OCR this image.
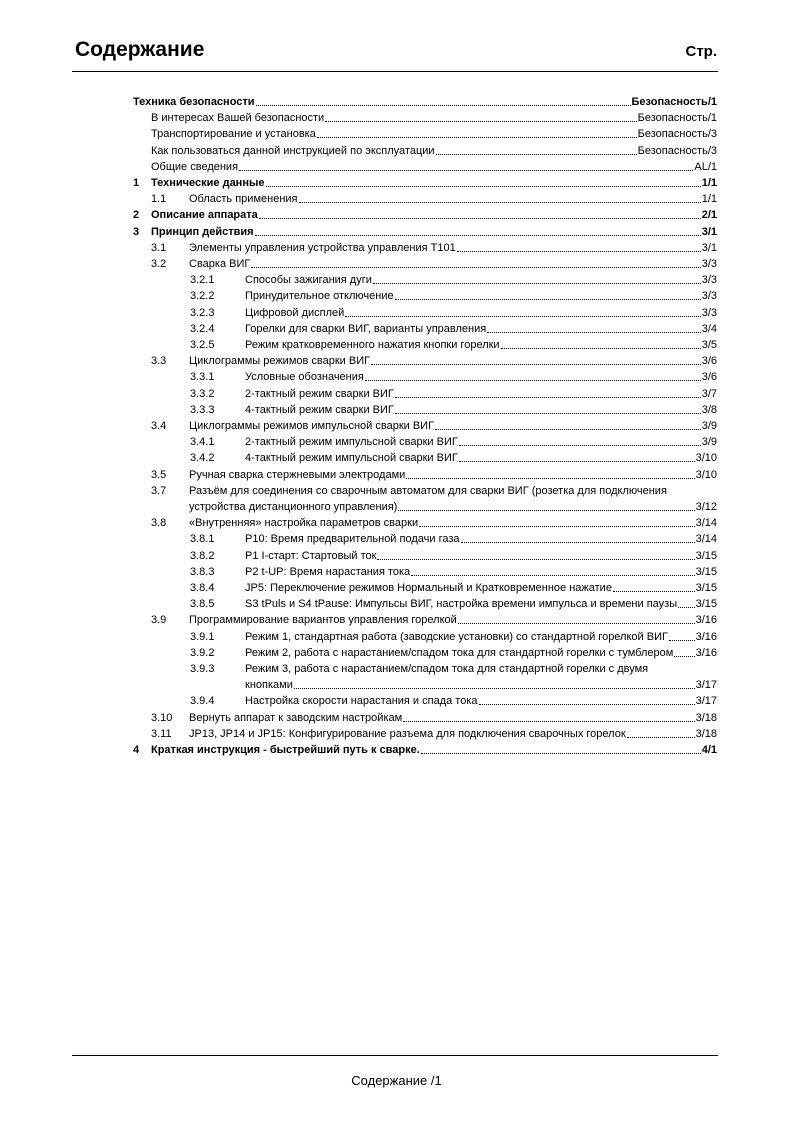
Содержание	Стр.
Техника безопасности	Безопасность/1
В интересах Вашей безопасности	Безопасность/1
Транспортирование и установка	Безопасность/3
Как пользоваться данной инструкцией по эксплуатации	Безопасность/3
Общие сведения	AL/1
1 Технические данные	1/1
1.1 Область применения	1/1
2 Описание аппарата	2/1
3 Принцип действия	3/1
3.1 Элементы управления устройства управления T101	3/1
3.2 Сварка ВИГ	3/3
3.2.1	Способы зажигания дуги	3/3
3.2.2	Принудительное отключение	3/3
3.2.3	Цифровой дисплей	3/3
3.2.4	Горелки для сварки ВИГ, варианты управления	3/4
3.2.5	Режим кратковременного нажатия кнопки горелки	3/5
3.3 Циклограммы режимов сварки ВИГ	3/6
3.3.1	Условные обозначения	3/6
3.3.2	2-тактный режим сварки ВИГ	3/7
3.3.3	4-тактный режим сварки ВИГ	3/8
3.4 Циклограммы режимов импульсной сварки ВИГ	3/9
3.4.1	2-тактный режим импульсной сварки ВИГ	3/9
3.4.2	4-тактный режим импульсной сварки ВИГ	3/10
3.5 Ручная сварка стержневыми электродами	3/10
3.7 Разъём для соединения со сварочным автоматом для сварки ВИГ (розетка для подключения
устройства дистанционного управления)	3/12
3.8 «Внутренняя» настройка параметров сварки	3/14
3.8.1	P10: Время предварительной подачи газа	3/14
3.8.2	P1 I-старт: Стартовый ток	3/15
3.8.3	P2 t-UP: Время нарастания тока	3/15
3.8.4	JP5: Переключение режимов Нормальный и Кратковременное нажатие	3/15
3.8.5	S3 tPuls и S4 tPause: Импульсы ВИГ, настройка времени импульса и времени паузы 3/15
3.9 Программирование вариантов управления горелкой	3/16
3.9.1	Режим 1, стандартная работа (заводские установки) со стандартной горелкой ВИГ	3/16
3.9.2	Режим 2, работа с нарастанием/спадом тока для стандартной горелки с тумблером 3/16
3.9.3	Режим 3, работа с нарастанием/спадом тока для стандартной горелки с двумя
кнопками	3/17
3.9.4	Настройка скорости нарастания и спада тока	3/17
3.10 Вернуть аппарат к заводским настройкам	3/18
3.11 JP13, JP14 и JP15: Конфигурирование разъема для подключения сварочных горелок	3/18
4 Краткая инструкция - быстрейший путь к сварке.	4/1
Содержание /1
